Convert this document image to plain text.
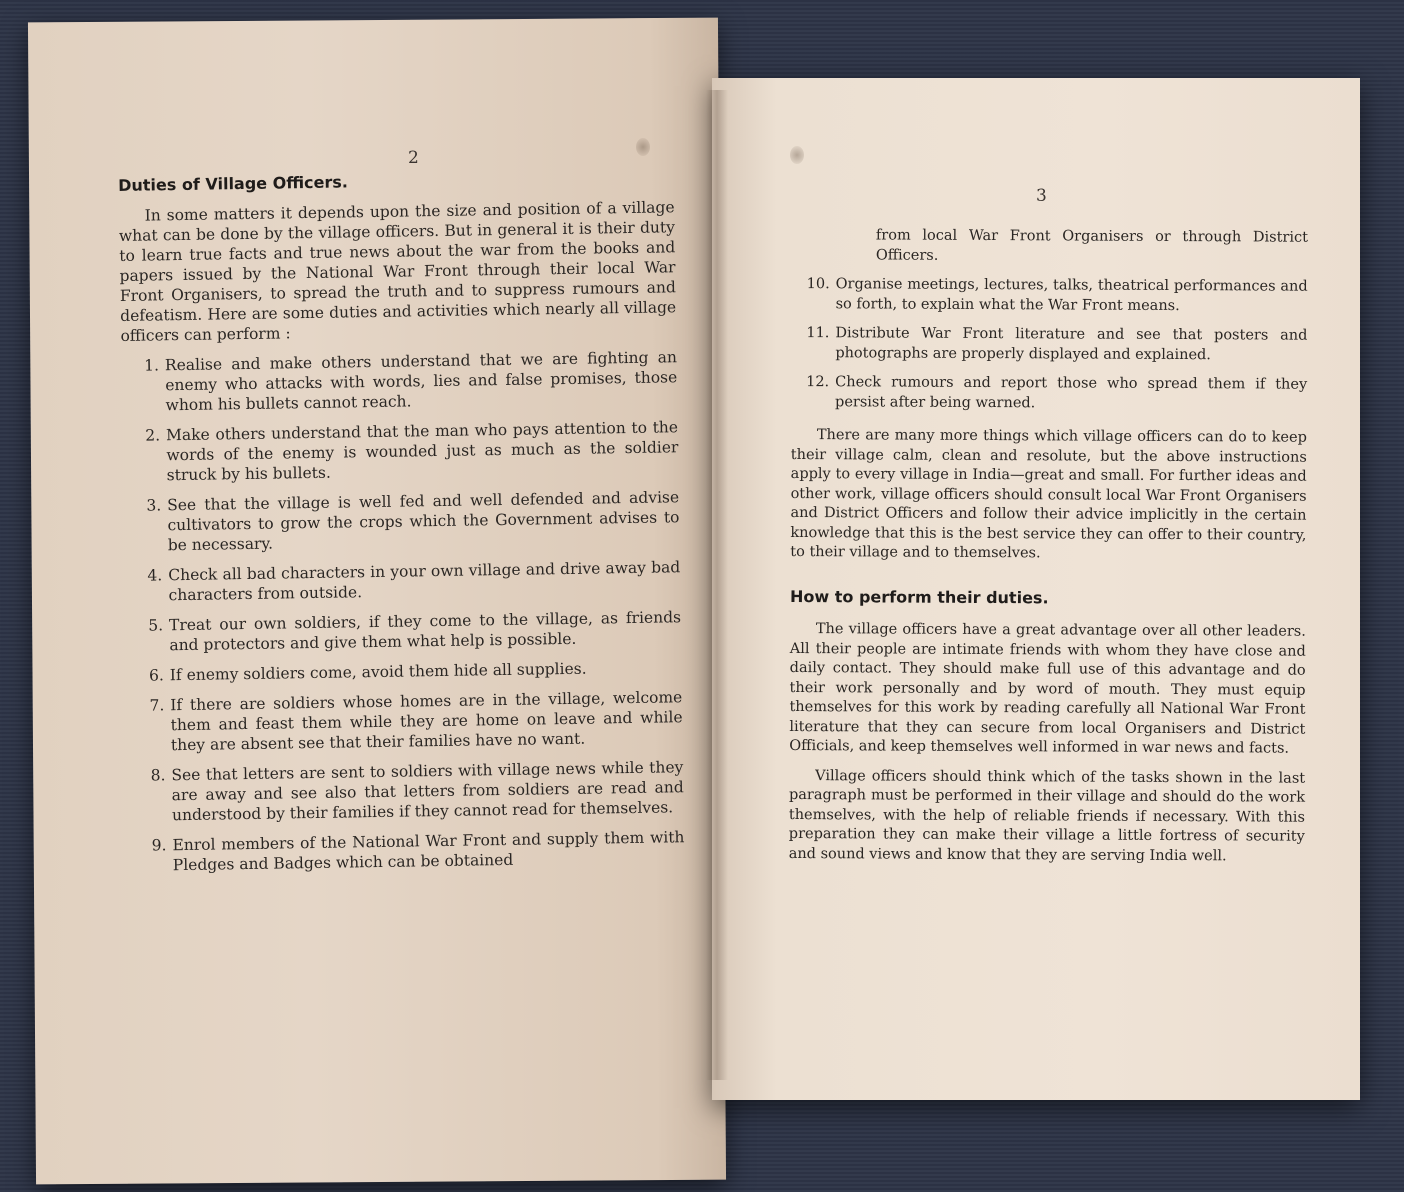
2
Duties of Village Officers.

In some matters it depends upon the size and position of a village what can be done by the village officers. But in general it is their duty to learn true facts and true news about the war from the books and papers issued by the National War Front through their local War Front Organisers, to spread the truth and to suppress rumours and defeatism. Here are some duties and activities which nearly all village officers can perform :

1. Realise and make others understand that we are fighting an enemy who attacks with words, lies and false promises, those whom his bullets cannot reach.
2. Make others understand that the man who pays attention to the words of the enemy is wounded just as much as the soldier struck by his bullets.
3. See that the village is well fed and well defended and advise cultivators to grow the crops which the Government advises to be necessary.
4. Check all bad characters in your own village and drive away bad characters from outside.
5. Treat our own soldiers, if they come to the village, as friends and protectors and give them what help is possible.
6. If enemy soldiers come, avoid them hide all supplies.
7. If there are soldiers whose homes are in the village, welcome them and feast them while they are home on leave and while they are absent see that their families have no want.
8. See that letters are sent to soldiers with village news while they are away and see also that letters from soldiers are read and understood by their families if they cannot read for themselves.
9. Enrol members of the National War Front and supply them with Pledges and Badges which can be obtained
3

from local War Front Organisers or through District Officers.

10. Organise meetings, lectures, talks, theatrical performances and so forth, to explain what the War Front means.
11. Distribute War Front literature and see that posters and photographs are properly displayed and explained.
12. Check rumours and report those who spread them if they persist after being warned.

There are many more things which village officers can do to keep their village calm, clean and resolute, but the above instructions apply to every village in India—great and small. For further ideas and other work, village officers should consult local War Front Organisers and District Officers and follow their advice implicitly in the certain knowledge that this is the best service they can offer to their country, to their village and to themselves.

How to perform their duties.

The village officers have a great advantage over all other leaders. All their people are intimate friends with whom they have close and daily contact. They should make full use of this advantage and do their work personally and by word of mouth. They must equip themselves for this work by reading carefully all National War Front literature that they can secure from local Organisers and District Officials, and keep themselves well informed in war news and facts.

Village officers should think which of the tasks shown in the last paragraph must be performed in their village and should do the work themselves, with the help of reliable friends if necessary. With this preparation they can make their village a little fortress of security and sound views and know that they are serving India well.
